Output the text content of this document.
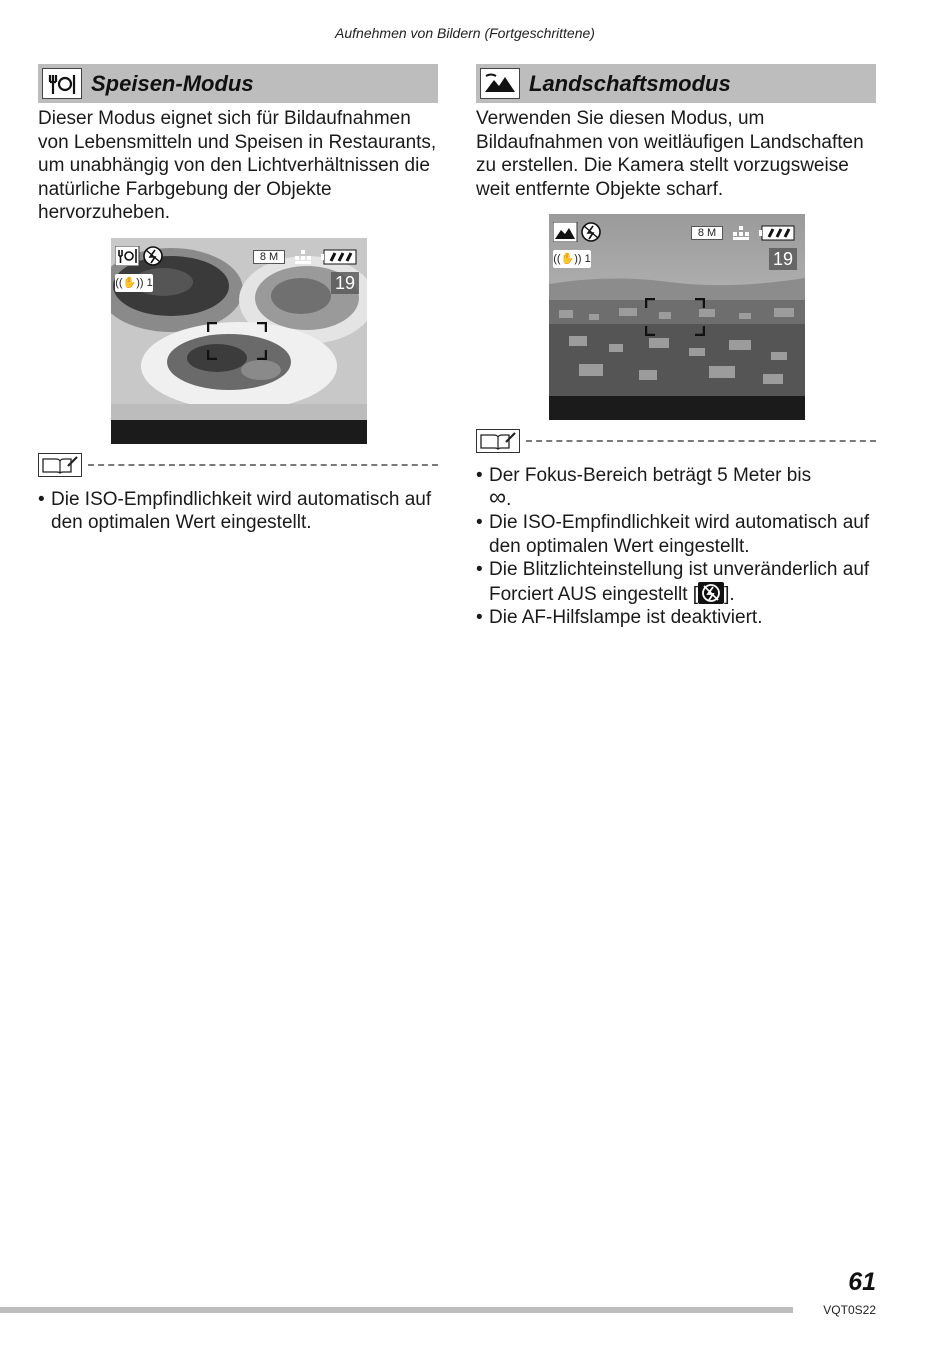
Aufnehmen von Bildern (Fortgeschrittene)
Speisen-Modus

Dieser Modus eignet sich für Bildaufnahmen von Lebensmitteln und Speisen in Restaurants, um unabhängig von den Lichtverhältnissen die natürliche Farbgebung der Objekte hervorzuheben.

8 M
((✋)) 1	19
• Die ISO-Empfindlichkeit wird automatisch auf den optimalen Wert eingestellt.
Landschaftsmodus

Verwenden Sie diesen Modus, um Bildaufnahmen von weitläufigen Landschaften zu erstellen. Die Kamera stellt vorzugsweise weit entfernte Objekte scharf.

8 M
((✋)) 1	19
• Der Fokus-Bereich beträgt 5 Meter bis
∞.
• Die ISO-Empfindlichkeit wird automatisch auf den optimalen Wert eingestellt.
• Die Blitzlichteinstellung ist unveränderlich auf Forciert AUS eingestellt [ ].
• Die AF-Hilfslampe ist deaktiviert.
61
VQT0S22
